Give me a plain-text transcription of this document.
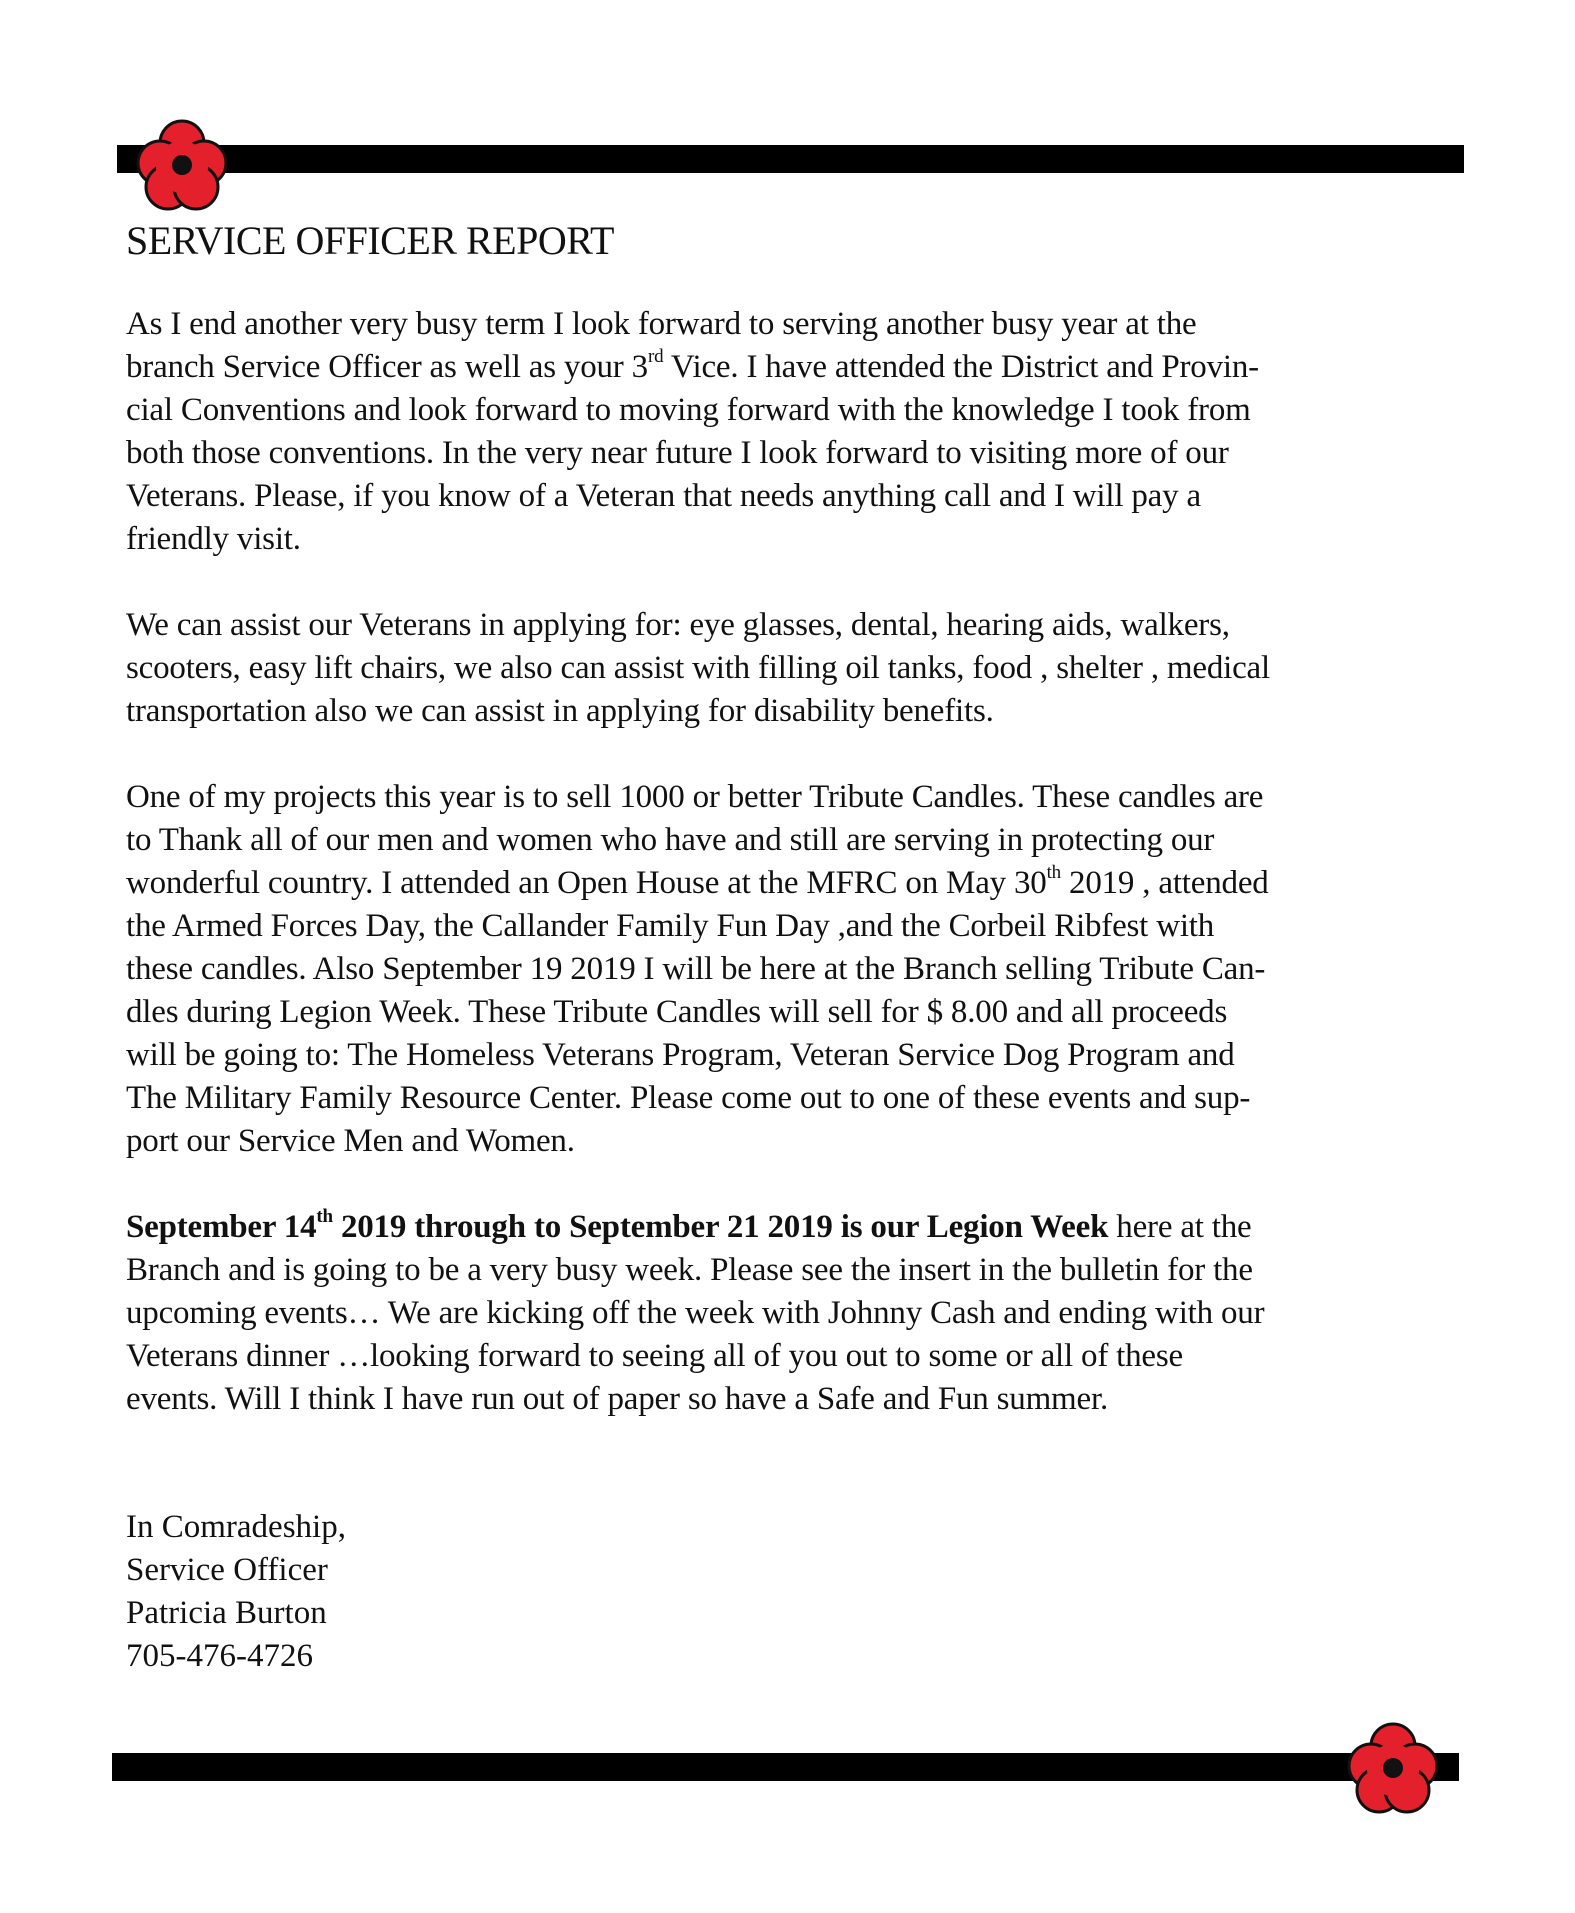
SERVICE OFFICER REPORT
As I end another very busy term I look forward to serving another busy year at the
branch Service Officer as well as your 3rd Vice. I have attended the District and Provin-
cial Conventions and look forward to moving forward with the knowledge I took from
both those conventions. In the very near future I look forward to visiting more of our
Veterans. Please, if you know of a Veteran that needs anything call and I will pay a
friendly visit.
We can assist our Veterans in applying for: eye glasses, dental, hearing aids, walkers,
scooters, easy lift chairs, we also can assist with filling oil tanks, food , shelter , medical
transportation also we can assist in applying for disability benefits.
One of my projects this year is to sell 1000 or better Tribute Candles. These candles are
to Thank all of our men and women who have and still are serving in protecting our
wonderful country. I attended an Open House at the MFRC on May 30th 2019 , attended
the Armed Forces Day, the Callander Family Fun Day ,and the Corbeil Ribfest with
these candles. Also September 19 2019 I will be here at the Branch selling Tribute Can-
dles during Legion Week. These Tribute Candles will sell for $ 8.00 and all proceeds
will be going to: The Homeless Veterans Program, Veteran Service Dog Program and
The Military Family Resource Center. Please come out to one of these events and sup-
port our Service Men and Women.
September 14th 2019 through to September 21 2019 is our Legion Week here at the
Branch and is going to be a very busy week. Please see the insert in the bulletin for the
upcoming events… We are kicking off the week with Johnny Cash and ending with our
Veterans dinner …looking forward to seeing all of you out to some or all of these
events. Will I think I have run out of paper so have a Safe and Fun summer.
In Comradeship,
Service Officer
Patricia Burton
705-476-4726
